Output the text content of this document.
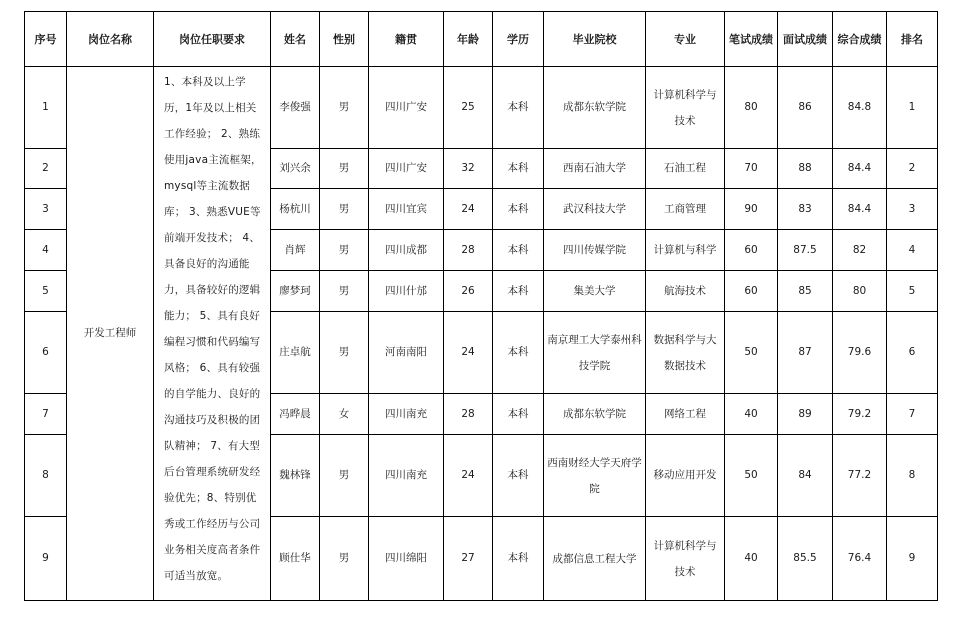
序号	岗位名称	岗位任职要求	姓名	性别	籍贯	年龄	学历	毕业院校	专业	笔试成绩	面试成绩	综合成绩	排名
1	开发工程师	1、本科及以上学历，1年及以上相关工作经验； 2、熟练使用java主流框架，mysql等主流数据库； 3、熟悉VUE等前端开发技术； 4、具备良好的沟通能力，具备较好的逻辑能力； 5、具有良好编程习惯和代码编写风格； 6、具有较强的自学能力、良好的沟通技巧及积极的团队精神； 7、有大型后台管理系统研发经验优先；8、特别优秀或工作经历与公司业务相关度高者条件可适当放宽。	李俊强	男	四川广安	25	本科	成都东软学院	计算机科学与技术	80	86	84.8	1
2			刘兴余	男	四川广安	32	本科	西南石油大学	石油工程	70	88	84.4	2
3			杨杭川	男	四川宜宾	24	本科	武汉科技大学	工商管理	90	83	84.4	3
4			肖辉	男	四川成都	28	本科	四川传媒学院	计算机与科学	60	87.5	82	4
5			廖梦珂	男	四川什邡	26	本科	集美大学	航海技术	60	85	80	5
6			庄卓航	男	河南南阳	24	本科	南京理工大学泰州科技学院	数据科学与大数据技术	50	87	79.6	6
7			冯晔晨	女	四川南充	28	本科	成都东软学院	网络工程	40	89	79.2	7
8			魏林锋	男	四川南充	24	本科	西南财经大学天府学院	移动应用开发	50	84	77.2	8
9			顾仕华	男	四川绵阳	27	本科	成都信息工程大学	计算机科学与技术	40	85.5	76.4	9
